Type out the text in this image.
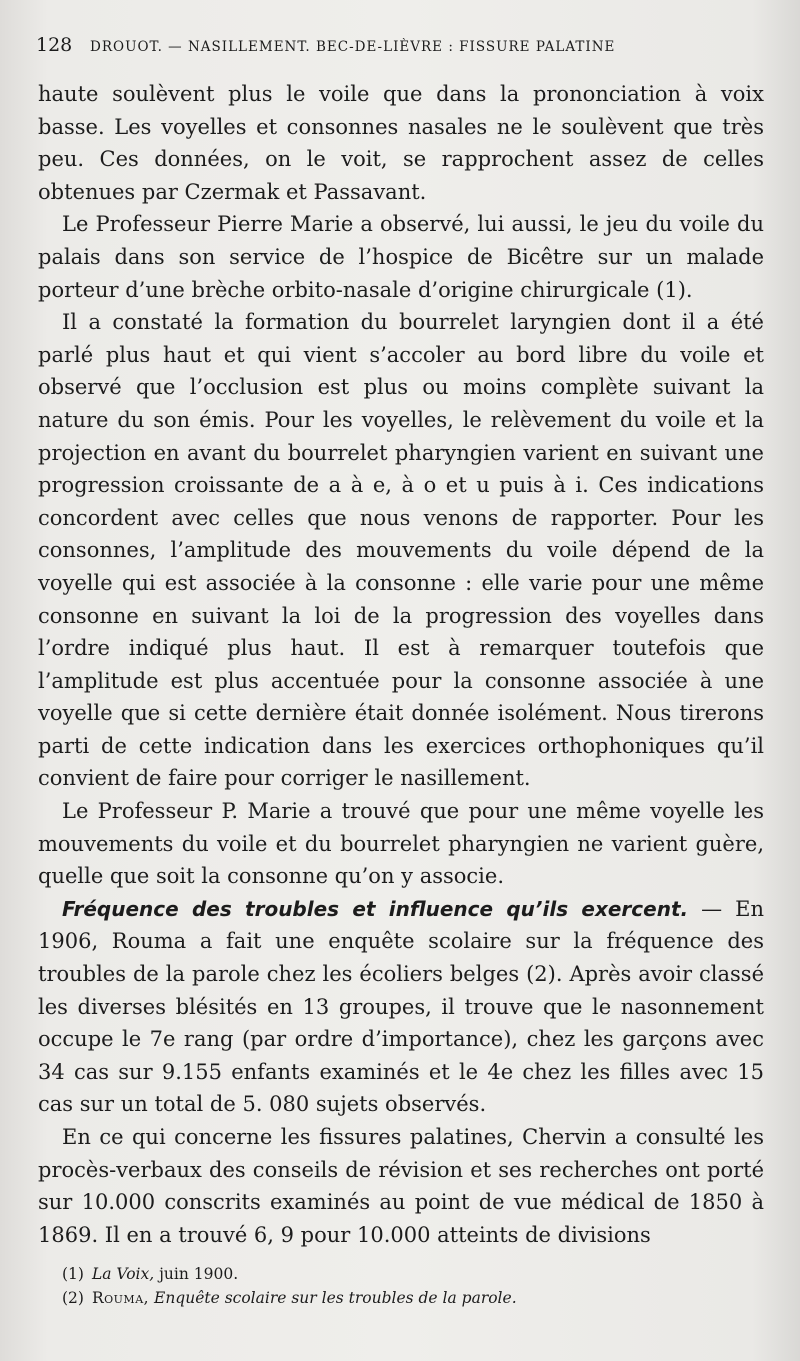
128 DROUOT. — NASILLEMENT. BEC-DE-LIÈVRE : FISSURE PALATINE

haute soulèvent plus le voile que dans la prononciation à voix basse. Les voyelles et consonnes nasales ne le soulèvent que très peu. Ces données, on le voit, se rapprochent assez de celles obtenues par Czermak et Passavant.

Le Professeur Pierre Marie a observé, lui aussi, le jeu du voile du palais dans son service de l’hospice de Bicêtre sur un malade porteur d’une brèche orbito-nasale d’origine chirurgicale (1).

Il a constaté la formation du bourrelet laryngien dont il a été parlé plus haut et qui vient s’accoler au bord libre du voile et observé que l’occlusion est plus ou moins complète suivant la nature du son émis. Pour les voyelles, le relèvement du voile et la projection en avant du bourrelet pharyngien varient en suivant une progression croissante de a à e, à o et u puis à i. Ces indications concordent avec celles que nous venons de rapporter. Pour les consonnes, l’amplitude des mouvements du voile dépend de la voyelle qui est associée à la consonne : elle varie pour une même consonne en suivant la loi de la progression des voyelles dans l’ordre indiqué plus haut. Il est à remarquer toutefois que l’amplitude est plus accentuée pour la consonne associée à une voyelle que si cette dernière était donnée isolément. Nous tirerons parti de cette indication dans les exercices orthophoniques qu’il convient de faire pour corriger le nasillement.

Le Professeur P. Marie a trouvé que pour une même voyelle les mouvements du voile et du bourrelet pharyngien ne varient guère, quelle que soit la consonne qu’on y associe.

Fréquence des troubles et influence qu’ils exercent. — En 1906, Rouma a fait une enquête scolaire sur la fréquence des troubles de la parole chez les écoliers belges (2). Après avoir classé les diverses blésités en 13 groupes, il trouve que le nasonnement occupe le 7e rang (par ordre d’importance), chez les garçons avec 34 cas sur 9.155 enfants examinés et le 4e chez les filles avec 15 cas sur un total de 5. 080 sujets observés.

En ce qui concerne les fissures palatines, Chervin a consulté les procès-verbaux des conseils de révision et ses recherches ont porté sur 10.000 conscrits examinés au point de vue médical de 1850 à 1869. Il en a trouvé 6, 9 pour 10.000 atteints de divisions

(1) La Voix, juin 1900.
(2) Rouma, Enquête scolaire sur les troubles de la parole.
